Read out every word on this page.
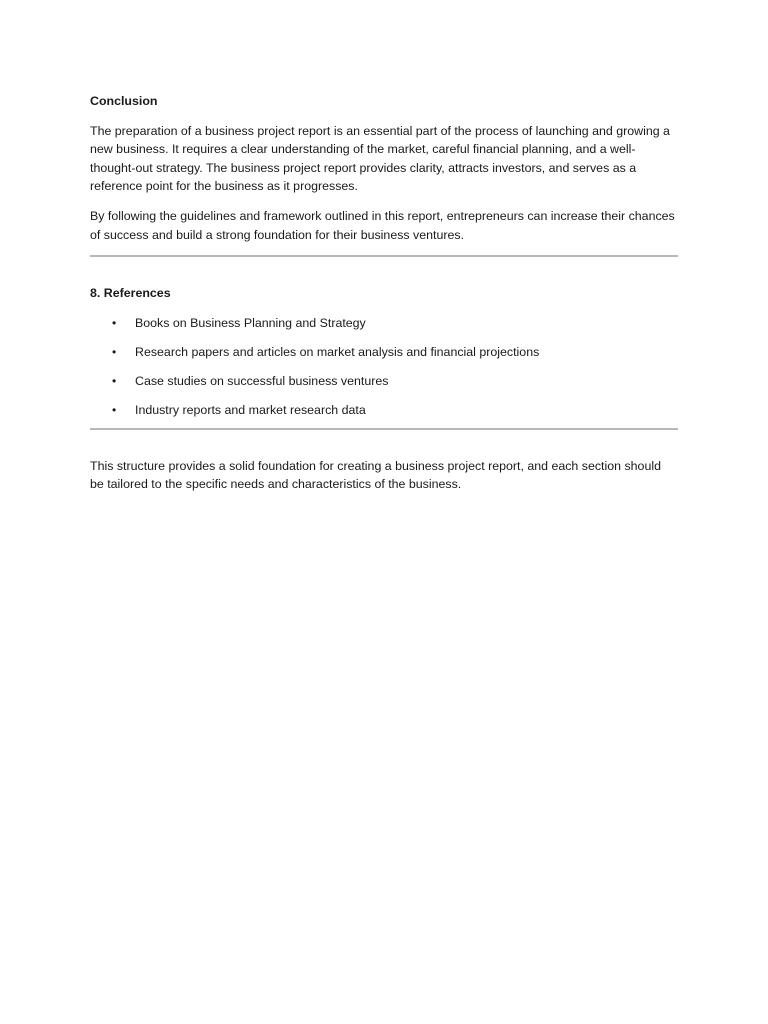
Conclusion

The preparation of a business project report is an essential part of the process of launching and growing a new business. It requires a clear understanding of the market, careful financial planning, and a well-thought-out strategy. The business project report provides clarity, attracts investors, and serves as a reference point for the business as it progresses.

By following the guidelines and framework outlined in this report, entrepreneurs can increase their chances of success and build a strong foundation for their business ventures.

8. References
• Books on Business Planning and Strategy
• Research papers and articles on market analysis and financial projections
• Case studies on successful business ventures
• Industry reports and market research data

This structure provides a solid foundation for creating a business project report, and each section should be tailored to the specific needs and characteristics of the business.
